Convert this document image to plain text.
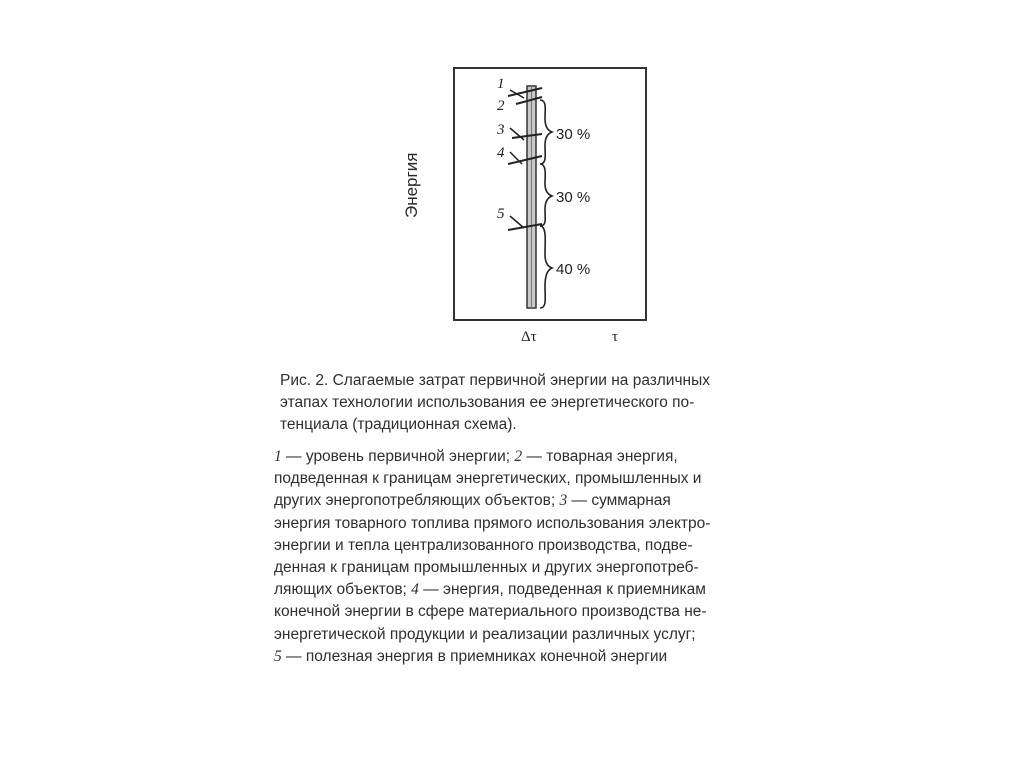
Энергия
1
2
3
4
5
30 %
30 %
40 %
Δτ	τ
Рис. 2. Слагаемые затрат первичной энергии на различных
этапах технологии использования ее энергетического по-
тенциала (традиционная схема).
1 — уровень первичной энергии; 2 — товарная энергия,
подведенная к границам энергетических, промышленных и
других энергопотребляющих объектов; 3 — суммарная
энергия товарного топлива прямого использования электро-
энергии и тепла централизованного производства, подве-
денная к границам промышленных и других энергопотреб-
ляющих объектов; 4 — энергия, подведенная к приемникам
конечной энергии в сфере материального производства не-
энергетической продукции и реализации различных услуг;
5 — полезная энергия в приемниках конечной энергии
